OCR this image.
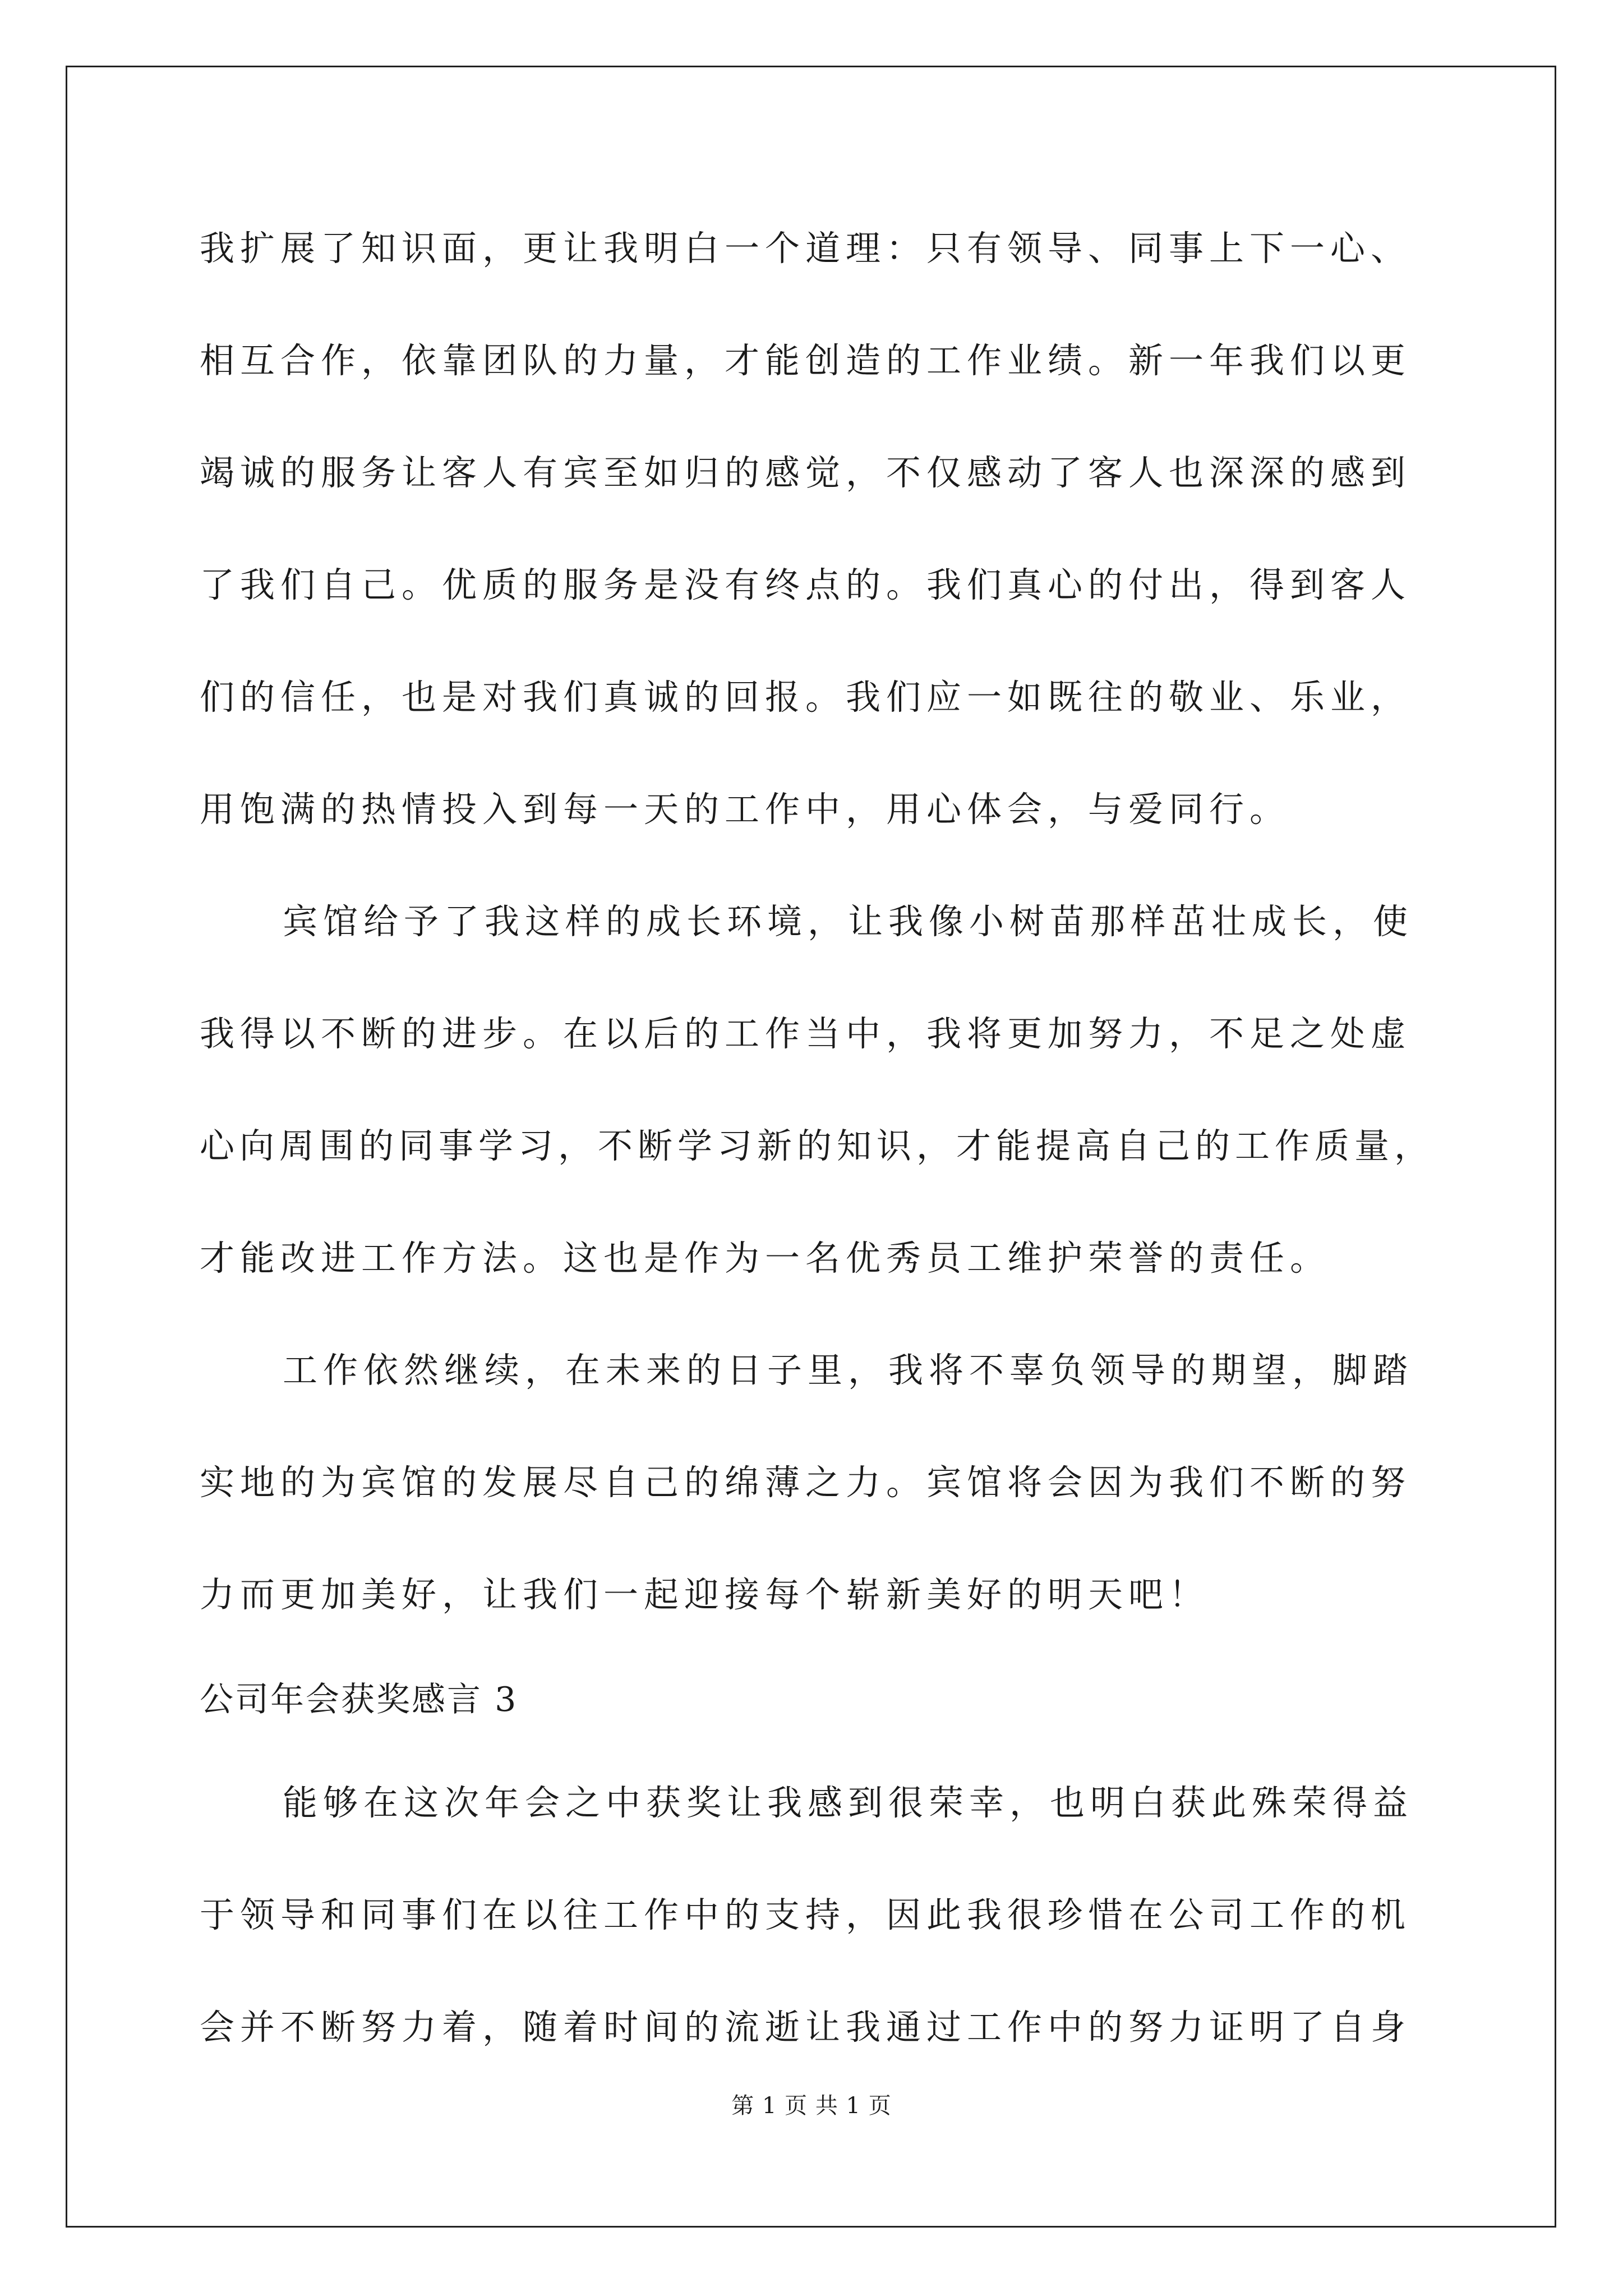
我扩展了知识面，更让我明白一个道理：只有领导、同事上下一心、
相互合作，依靠团队的力量，才能创造的工作业绩。新一年我们以更
竭诚的服务让客人有宾至如归的感觉，不仅感动了客人也深深的感到
了我们自己。优质的服务是没有终点的。我们真心的付出，得到客人
们的信任，也是对我们真诚的回报。我们应一如既往的敬业、乐业，
用饱满的热情投入到每一天的工作中，用心体会，与爱同行。
宾馆给予了我这样的成长环境，让我像小树苗那样茁壮成长，使
我得以不断的进步。在以后的工作当中，我将更加努力，不足之处虚
心向周围的同事学习，不断学习新的知识，才能提高自己的工作质量，
才能改进工作方法。这也是作为一名优秀员工维护荣誉的责任。
工作依然继续，在未来的日子里，我将不辜负领导的期望，脚踏
实地的为宾馆的发展尽自己的绵薄之力。宾馆将会因为我们不断的努
力而更加美好，让我们一起迎接每个崭新美好的明天吧！
公司年会获奖感言 3
能够在这次年会之中获奖让我感到很荣幸，也明白获此殊荣得益
于领导和同事们在以往工作中的支持，因此我很珍惜在公司工作的机
会并不断努力着，随着时间的流逝让我通过工作中的努力证明了自身
第 1 页 共 1 页
